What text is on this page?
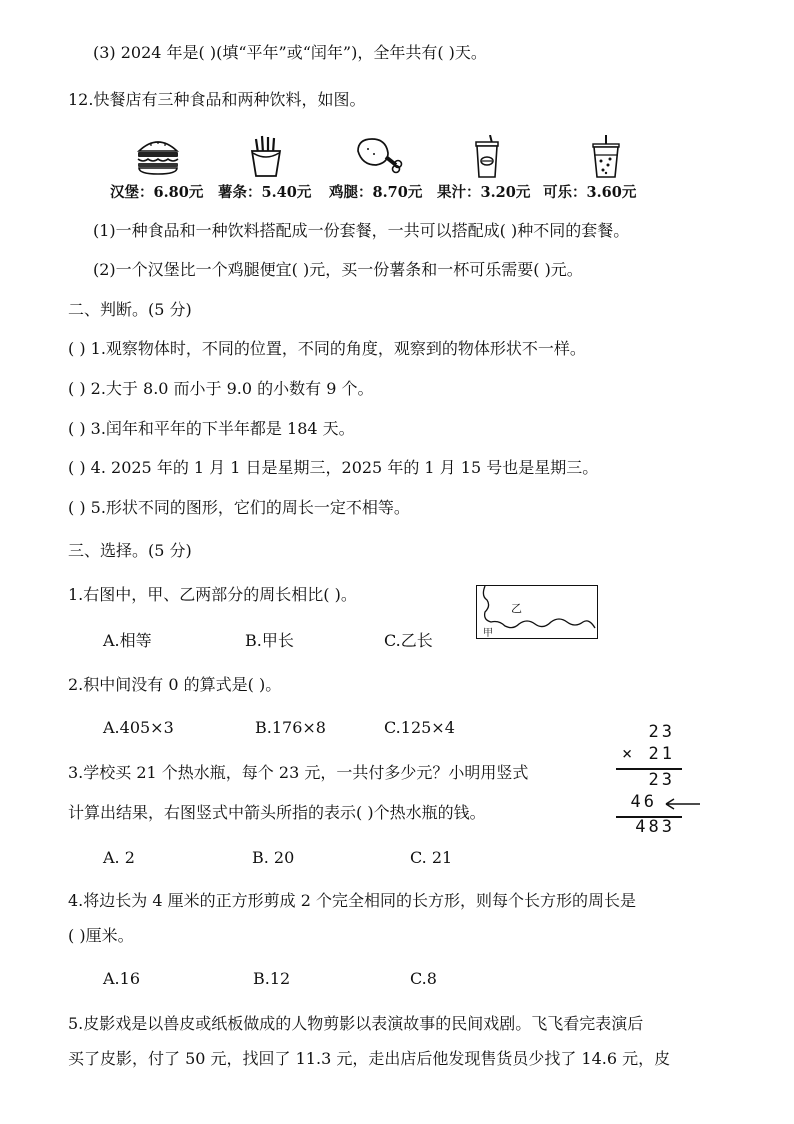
(3) 2024 年是( )(填“平年”或“闰年”)，全年共有( )天。
12.快餐店有三种食品和两种饮料，如图。
汉堡：6.80元 薯条：5.40元 鸡腿：8.70元 果汁：3.20元 可乐：3.60元
(1)一种食品和一种饮料搭配成一份套餐，一共可以搭配成( )种不同的套餐。
(2)一个汉堡比一个鸡腿便宜( )元，买一份薯条和一杯可乐需要( )元。
二、判断。(5 分)
( ) 1.观察物体时，不同的位置，不同的角度，观察到的物体形状不一样。
( ) 2.大于 8.0 而小于 9.0 的小数有 9 个。
( ) 3.闰年和平年的下半年都是 184 天。
( ) 4. 2025 年的 1 月 1 日是星期三，2025 年的 1 月 15 号也是星期三。
( ) 5.形状不同的图形，它们的周长一定不相等。
三、选择。(5 分)
1.右图中，甲、乙两部分的周长相比( )。
乙
甲
A.相等	B.甲长	C.乙长
2.积中间没有 0 的算式是( )。
A.405×3	B.176×8	C.125×4
3.学校买 21 个热水瓶，每个 23 元，一共付多少元？小明用竖式
计算出结果，右图竖式中箭头所指的表示( )个热水瓶的钱。
23
× 21
23
46
483
A. 2	B. 20	C. 21
4.将边长为 4 厘米的正方形剪成 2 个完全相同的长方形，则每个长方形的周长是
( )厘米。
A.16	B.12	C.8
5.皮影戏是以兽皮或纸板做成的人物剪影以表演故事的民间戏剧。飞飞看完表演后
买了皮影，付了 50 元，找回了 11.3 元，走出店后他发现售货员少找了 14.6 元，皮
